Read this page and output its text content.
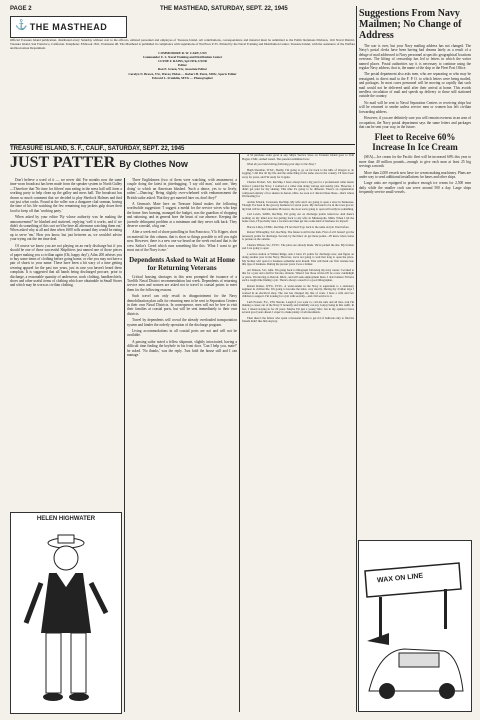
PAGE 2	THE MASTHEAD, SATURDAY, SEPT. 22, 1945
⚓ THE MASTHEAD
Official Treasure Island publication, distributed every Saturday without cost to the officers, enlisted personnel and employes of Treasure Island. All contributions, correspondence and material must be submitted to the Public Relations Division, 11th Naval District, Treasure Island, San Francisco, California. Telephone: EXbrook 1811, Extension 48. The Masthead is published in compliance with regulations of NavExos P-35. Printed by the Naval Training and Distribution Center, Treasure Island, with the assistance of the Welfare and Recreation Department.
COMMODORE R. W. CARY, USN
Commander U. S. Naval Training and Distribution Center
CLYDE F. RAINS, SpCIWk, USNR
Editor
Ron E. Green, Y3c, Associate Editor
Carolyn N. Brown, Y3c, Waves; Eldon — Robert H. Perez, SM3c, Sports Editor
Edward L. Franklin, MT3c — Photographer
TREASURE ISLAND, S. F., CALIF., SATURDAY, SEPT. 22, 1945
JUST PATTER By Clothes Now

Don't believe a word of it — we never did. For months now the same time-worn broadcast has been made from the speaker system in North Galley—Therefore that 'No time for fifteen' rum eating in the mess hall will form a working party to help clean up the galley and mess hall. The broadcast has drawn so much comment that we decided to play Sherlock Holmes and find out just what cooks. Found at the roller was a dungaree clad seaman, having the time of his life watching the few remaining tray jackets gulp down their food to keep off that 'working party.'

When asked by your editor 'By whose authority was he making the announcement?' he blushed and stuttered, replying 'well it works, and if we didn't do something of this sort we'd be here all afternoon watching them eat.' When asked why at all and then when 1600 rolls around they would be eating up to serve 'em.' How you know, but just between us, we wouldn't advise your trying out the ten time deal.

Of course we know you are not playing on an early discharge but if you should be one of those successful Shipfitters just named one of those pieces of paper making you a civilian again (Oh, happy day!), Atlas 200 advises you to buy some items of clothing before going home, or else you may not have a pair of shorts to your name. These have been a bit wary of a time getting wearing apparel for the past two years, just in case you haven't heard these complain. It is suggested that all hands being discharged procure, prior to discharge, a reasonable quantity of underwear, work clothing, handkerchiefs, shoes and other useful items of clothing which are obtainable in Small Stores and which may be worn as civilian clothing.

HELEN HIGHWATER

Three Englishmen (two of them were watching, with amusement, a couple doing the latest in jitterbugging. 'I say old man,' said one, 'they doing' to which an American blushed. 'Such a dance, yes to so lively, rather.'—Dancing.' Being slightly over-whelmed with embarrassment the British sailor asked: 'But they get married later on, don't they?'

A German's Mate here on Treasure Island makes the following worthwhile suggestion: 'I suggest a medal for the service wives who kept the home fires burning, managed the budget, was the guardian of shopping and rationing, and in general bore the brunt of our absence. Keeping the juvenile delinquent problem at a minimum and they never talk back. They deserve a medal, a big one.'

After a week end of shore patrolling in San Francisco, Y3c Kipper, short on material for this column, that is short so things possible to tell you right now. However, there is a new one we heard on the week end and that is the crew Sailor's Creed which runs something like this: 'What I want to get most out of the Navy is me.'

Dependents Asked to Wait at Home for Returning Veterans

Critical housing shortages in this area prompted the issuance of a Twelfth Naval District recommendation last week. Dependents of returning service men and women are asked not to travel to coastal points to meet them for the following reasons.

Such travel can only result in disappointment for the Navy demobilization plan calls for returning men to be sent to Separation Centers in their own Naval Districts. In consequence, men will not be free to visit their families at coastal ports, but will be sent immediately to their own districts.

Travel by dependents will crowd the already overloaded transportation system and hinder the orderly operation of the discharge program.

Living accommodations in all coastal ports are not and will not be available.

A passing sailor noted a fellow shipmate, slightly intoxicated, having a difficult time finding the keyhole in his front door. 'Can I help you, mate?' he asked. 'No thanks,' was the reply. 'Just hold the house still and I can manage.'

A SI purchase order good at any Ship's Service Store on Treasure Island goes to Tom Hogan, CMlc, Armed Guard. The question submitted was:

What do you intend doing following your days in the Navy?

Hugh Sheridan, WT2c, Shelby. I'm going to go on far back to the hills of Oregon to do logging. I did that all my life and the same thing in the same area in the country. I'll have been away for years, and I'm ready for it again.

Charles Probert, S2c, RecShip. I have always had a big yen for a professional roller skater before I joined the Navy. I worked at a roller rink doing various and sundry jobs. However, I didn't get paid for my skating. This time it's going to be different. There's an organization composed entirely of ice skaters in Akron, Ohio. As soon as I discard these blues—that's where I'm heading for.

Archie Schuck, Coxswain, RecShip. My wife and I are going to open a store in Tennessee. Though I've been in the grocery business for seven years. My dad used to be in the town grocer; my Dad will be chief salesman. However, the store we're going to open will really be something.

Carl Lewis, S2Mlc, RecShip. I'm going out on discharge points tomorrow. And there's nothing on my mind now but getting back to my wife in Minneapolis, Minn. When I hit the home town, I'll probably take a vacation and then get into some kind of business for myself.

Horace Lilley, CEMlc, RecShip. I'll bet that I'll go back to the same old job I had before.

Robert Willoughby, S2c, RecShip. The future is still in the dark. First of all I haven't got the necessary points for discharge. Second, by the time I do get those points—I'll know what course to pursue on the outside.

Charles Wilson, S1c, PCTC. The place are already made. We've picked the site. My brother and I are going to open

a service station at Walnut Ridge, Ark. I have 25 points for discharge now, and figure on doing another year in the Navy. However, we're not going to wait that long to open the place. My brother will open for business sometime next month. This will mark our first venture into this type of business. During the prewar years I was a farmer.

Art Stinson, S1c, APA. I'm going back to lithograph following my navy career. I worked at this for a year and a half in Toronto, Ontario. When I lost those circles it'll be a new candlelight or place. I'm moving to Detroit, Mich., and will seek employment there. I don't believe I'll have such a tough time finding a job. There's always a need for a good lithographer.

Robert Rohan, WT3c, PCTC. A water-tender in the Navy is equivalent to a stationary engineer in civilian life. I'm going to become the latter, very shortly. During my civilian days I worked in an electrical shop. The war has changed my line of work. I have a wife and two children to support. I'm looking for a job with security—and civil service is it.

Lulb Everett, F1c, USS Nereus. Laugh if you want to; call me nuts and all that—but I'm making a career out of the Navy! I honestly and truthfully can say I enjoy being in this outfit. In fact, I intend staying in for 20 years. Maybe I'm just a young 'lifer,' but in my opinion I have several good years ahead. I expect to make plenty of advancements.

Then there's the fellow who spent a thousand bucks to get rid of halitosis only to find his friends didn't like him anyway.

Suggestions From Navy Mailmen; No Change of Address

The war is over, but your Navy mailing address has not changed. The Navy's postal clerks have been having bad dreams lately as a result of a deluge of mail addressed to Navy personnel at specific geographical locations overseas. The lifting of censorship has led to letters in which the writer named places. Postal authorities say it is necessary to continue using the regular Navy address, that is, the name of the ship or the Fleet Post Office.

The postal department also asks men, who are separating or who may be reassigned, to direct mail to the F. P. O. to which letters were being mailed, and packages. In most cases personnel will be moving so rapidly that such mail would not be delivered until after their arrival at home. This avoids needless circulation of mail and speeds up delivery to those still stationed outside the country.

No mail will be sent to Naval Separation Centers or receiving ships but will be returned to sender unless service men or women has left civilian forwarding address.

However, if you are definitely sure you will remain overseas in an area of occupation, the Navy postal department says the same letters and packages that can be sent your way, in the future.

Fleet to Receive 60% Increase In Ice Cream

(SEA)—Ice cream for the Pacific fleet will be increased 60% this year to more than 40 million pounds—enough to give each man at least 25 big servings a month.

More than 2,000 vessels now have ice cream making machinery. Plans are under way to send additional installations for bases and other ships.

Large units are equipped to produce enough ice cream for 2,500 men daily while the smaller craft can serve around 500 a day. Large ships frequently service small vessels.

WAX ON LINE
